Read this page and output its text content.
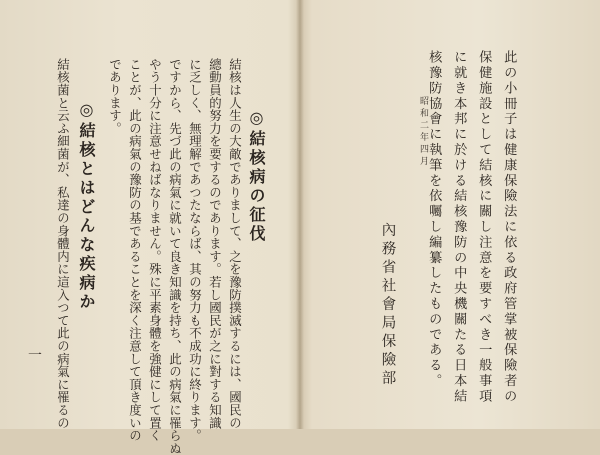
◎結核病の征伐
結核は人生の大敵でありまして、之を豫防撲滅するには、國民の
總動員的努力を要するのであります。若し國民が之に對する知識
に乏しく、無理解であつたならば、其の努力も不成功に終ります。
ですから、先づ此の病氣に就いて良き知識を持ち、此の病氣に罹らぬ
やう十分に注意せねばなりません。殊に平素身體を強健にして置く
ことが、此の病氣の豫防の基であることを深く注意して頂き度いの
であります。
◎結核とはどんな疾病か
結核菌と云ふ細菌が、私達の身體内に這入つて此の病氣に罹るの
一	此の小冊子は健康保險法に依る政府管掌被保險者の
保健施設として結核に關し注意を要すべき一般事項
に就き本邦に於ける結核豫防の中央機關たる日本結
核豫防協會に執筆を依囑し編纂したものである。
昭和二年四月
內務省社會局保險部
